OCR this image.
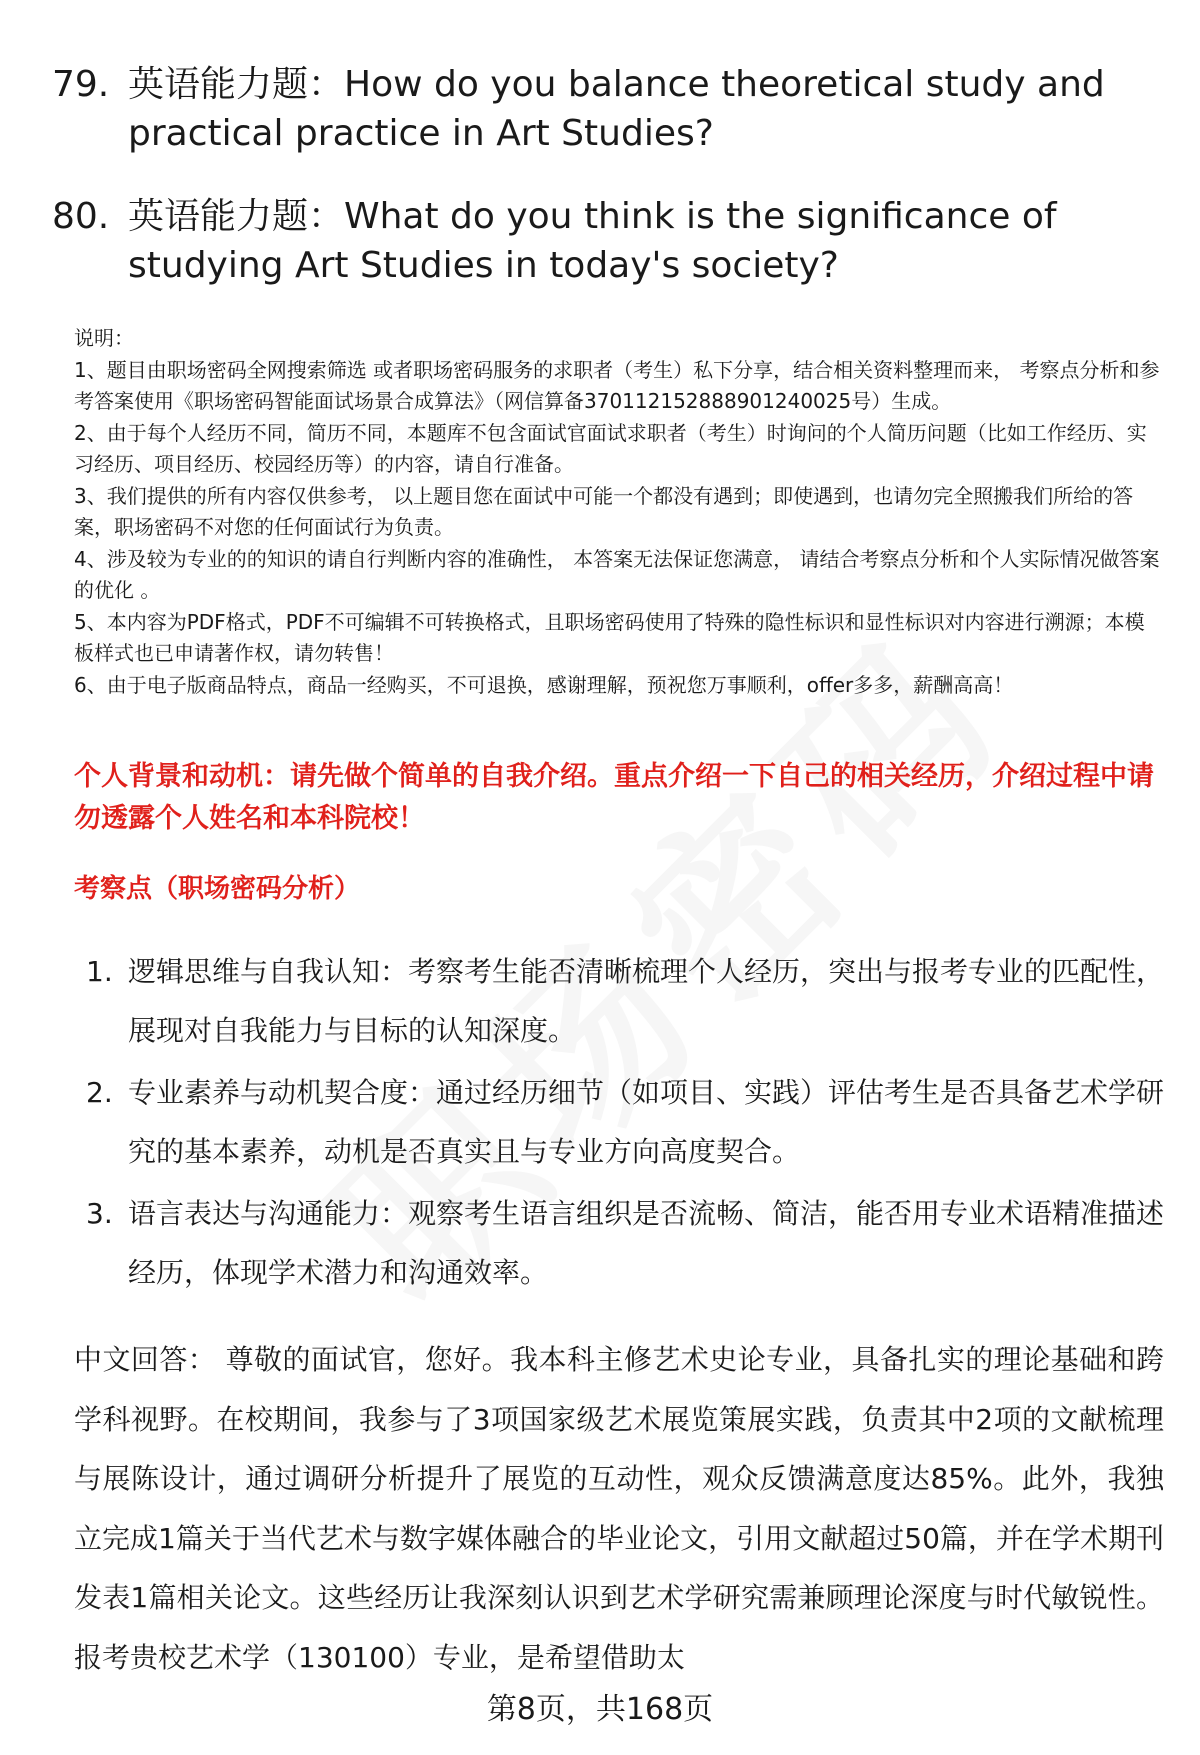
79. 英语能力题：How do you balance theoretical study and practical practice in Art Studies?
80. 英语能力题：What do you think is the significance of studying Art Studies in today's society?
说明：
1、题目由职场密码全网搜索筛选 或者职场密码服务的求职者（考生）私下分享，结合相关资料整理而来， 考察点分析和参考答案使用《职场密码智能面试场景合成算法》（网信算备370112152888901240025号）生成。
2、由于每个人经历不同，简历不同，本题库不包含面试官面试求职者（考生）时询问的个人简历问题（比如工作经历、实习经历、项目经历、校园经历等）的内容，请自行准备。
3、我们提供的所有内容仅供参考， 以上题目您在面试中可能一个都没有遇到；即使遇到，也请勿完全照搬我们所给的答案，职场密码不对您的任何面试行为负责。
4、涉及较为专业的的知识的请自行判断内容的准确性， 本答案无法保证您满意， 请结合考察点分析和个人实际情况做答案的优化 。
5、本内容为PDF格式，PDF不可编辑不可转换格式，且职场密码使用了特殊的隐性标识和显性标识对内容进行溯源；本模板样式也已申请著作权，请勿转售！
6、由于电子版商品特点，商品一经购买，不可退换，感谢理解，预祝您万事顺利，offer多多，薪酬高高！
个人背景和动机：请先做个简单的自我介绍。重点介绍一下自己的相关经历，介绍过程中请勿透露个人姓名和本科院校！
考察点（职场密码分析）
1. 逻辑思维与自我认知：考察考生能否清晰梳理个人经历，突出与报考专业的匹配性，展现对自我能力与目标的认知深度。
2. 专业素养与动机契合度：通过经历细节（如项目、实践）评估考生是否具备艺术学研究的基本素养，动机是否真实且与专业方向高度契合。
3. 语言表达与沟通能力：观察考生语言组织是否流畅、简洁，能否用专业术语精准描述经历，体现学术潜力和沟通效率。
中文回答： 尊敬的面试官，您好。我本科主修艺术史论专业，具备扎实的理论基础和跨学科视野。在校期间，我参与了3项国家级艺术展览策展实践，负责其中2项的文献梳理与展陈设计，通过调研分析提升了展览的互动性，观众反馈满意度达85%。此外，我独立完成1篇关于当代艺术与数字媒体融合的毕业论文，引用文献超过50篇，并在学术期刊发表1篇相关论文。这些经历让我深刻认识到艺术学研究需兼顾理论深度与时代敏锐性。报考贵校艺术学（130100）专业，是希望借助太
第8页，共168页
